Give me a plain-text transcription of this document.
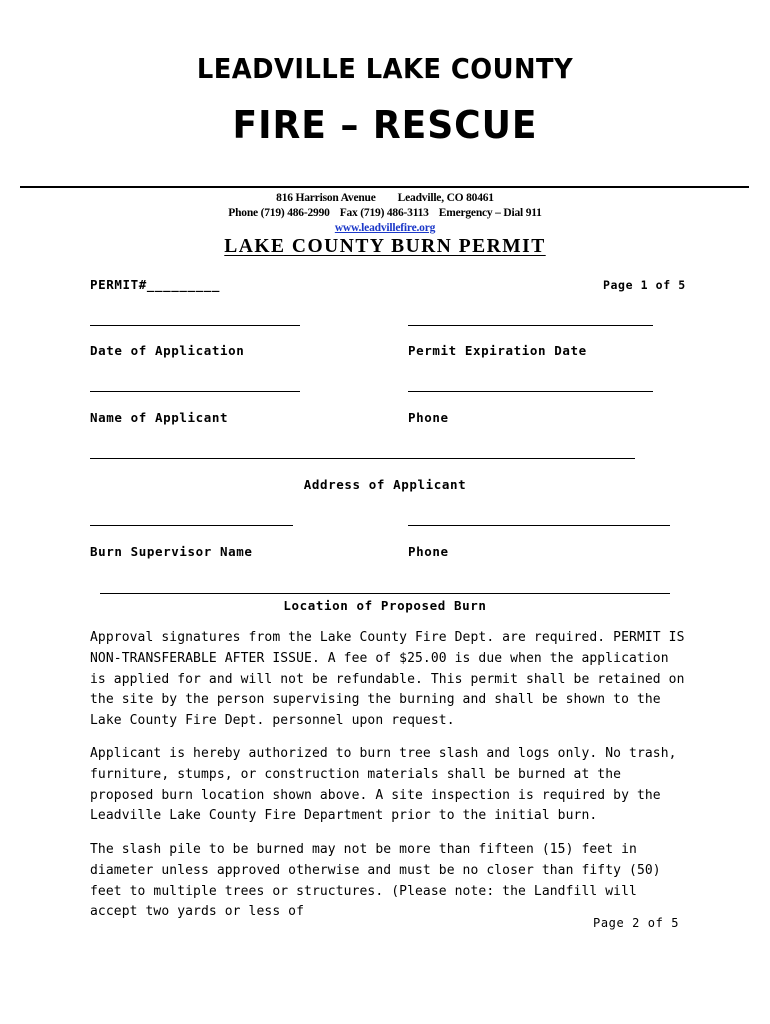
LEADVILLE LAKE COUNTY
FIRE – RESCUE
816 Harrison Avenue Leadville, CO 80461
Phone (719) 486-2990 Fax (719) 486-3113 Emergency – Dial 911
www.leadvillefire.org
LAKE COUNTY BURN PERMIT
PERMIT#_________	Page 1 of 5
Date of Application	Permit Expiration Date
Name of Applicant	Phone
Address of Applicant
Burn Supervisor Name	Phone
Location of Proposed Burn

Approval signatures from the Lake County Fire Dept. are required. PERMIT IS NON-TRANSFERABLE AFTER ISSUE. A fee of $25.00 is due when the application is applied for and will not be refundable. This permit shall be retained on the site by the person supervising the burning and shall be shown to the Lake County Fire Dept. personnel upon request.

Applicant is hereby authorized to burn tree slash and logs only. No trash, furniture, stumps, or construction materials shall be burned at the proposed burn location shown above. A site inspection is required by the Leadville Lake County Fire Department prior to the initial burn.

The slash pile to be burned may not be more than fifteen (15) feet in diameter unless approved otherwise and must be no closer than fifty (50) feet to multiple trees or structures. (Please note: the Landfill will accept two yards or less of

Page 2 of 5
